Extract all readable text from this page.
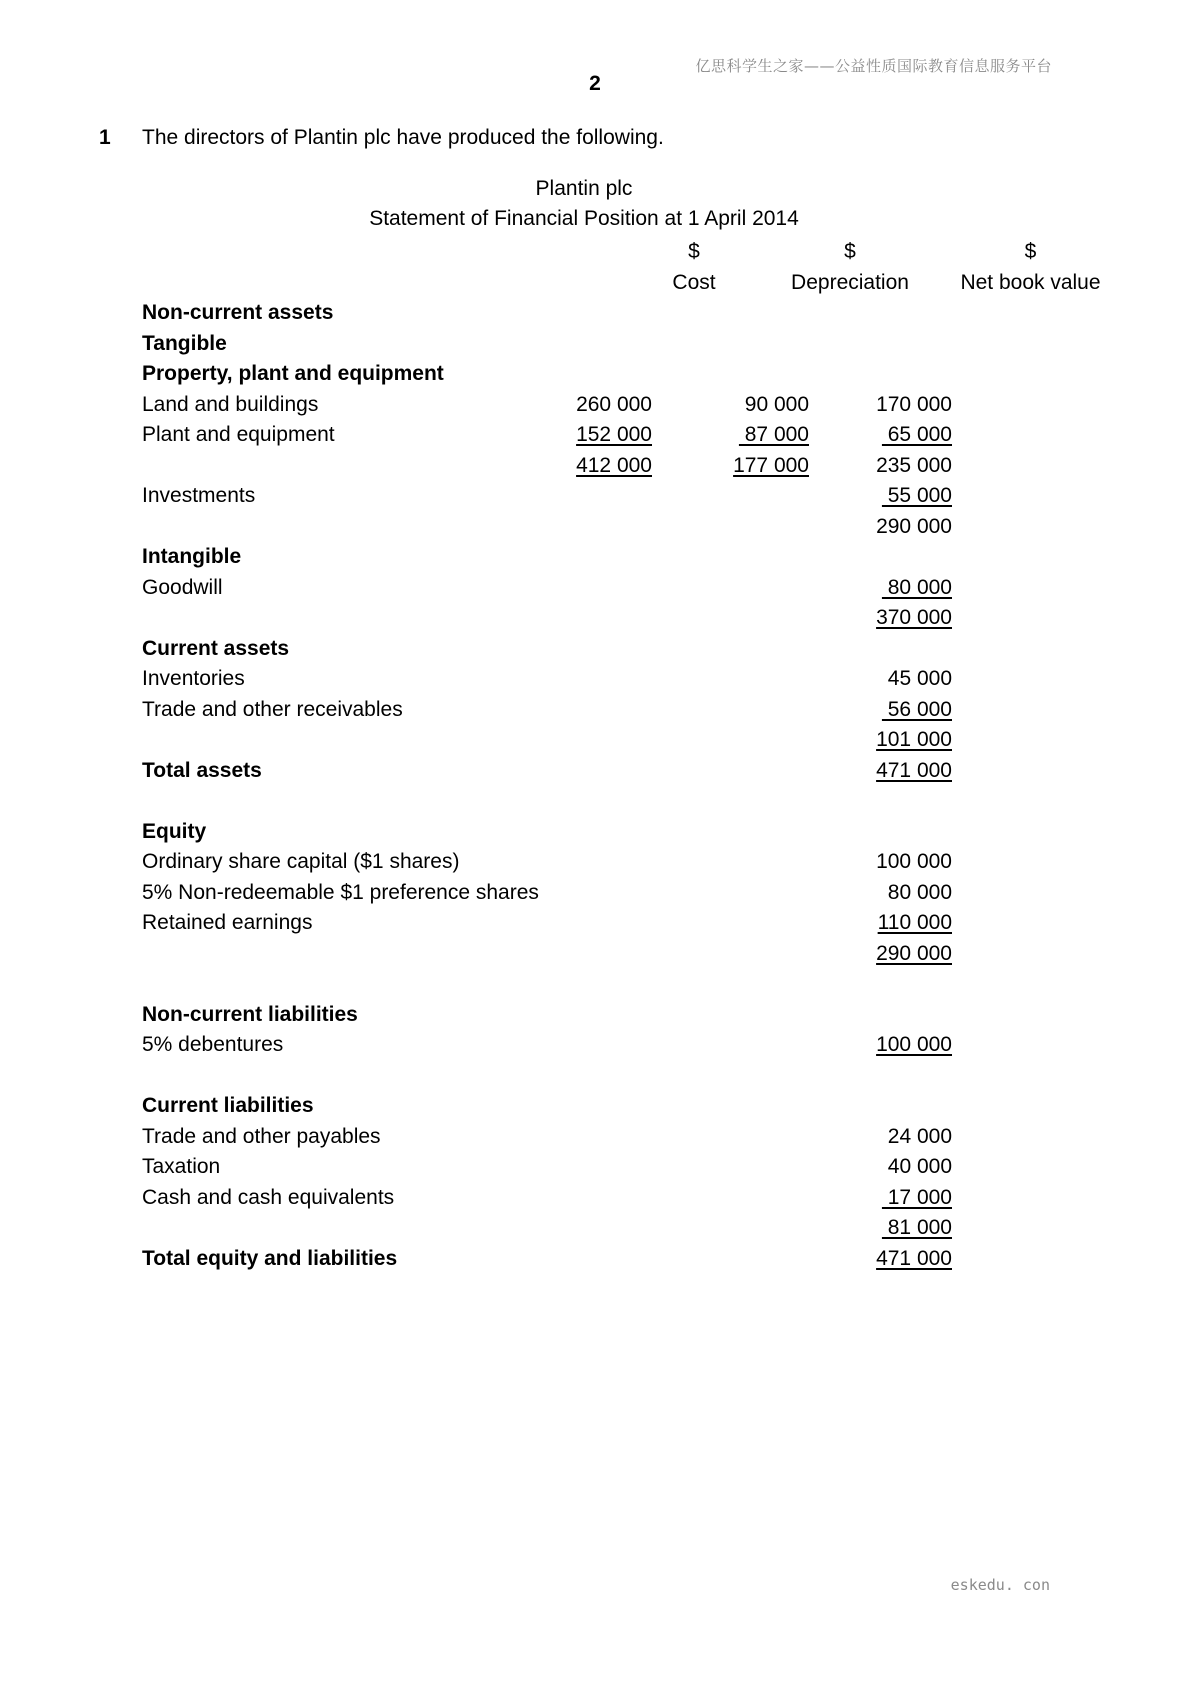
亿思科学生之家——公益性质国际教育信息服务平台
2
1 The directors of Plantin plc have produced the following.
Plantin plc
Statement of Financial Position at 1 April 2014
$	$	$
Cost	Depreciation	Net book value
Non-current assets
Tangible
Property, plant and equipment
Land and buildings	260 000	90 000	170 000
Plant and equipment	152 000	87 000	65 000
412 000	177 000	235 000
Investments	55 000
290 000
Intangible
Goodwill	80 000
370 000
Current assets
Inventories	45 000
Trade and other receivables	56 000
101 000
Total assets	471 000
Equity
Ordinary share capital ($1 shares)	100 000
5% Non-redeemable $1 preference shares	80 000
Retained earnings	110 000
290 000
Non-current liabilities
5% debentures	100 000
Current liabilities
Trade and other payables	24 000
Taxation	40 000
Cash and cash equivalents	17 000
81 000
Total equity and liabilities	471 000
eskedu. con
